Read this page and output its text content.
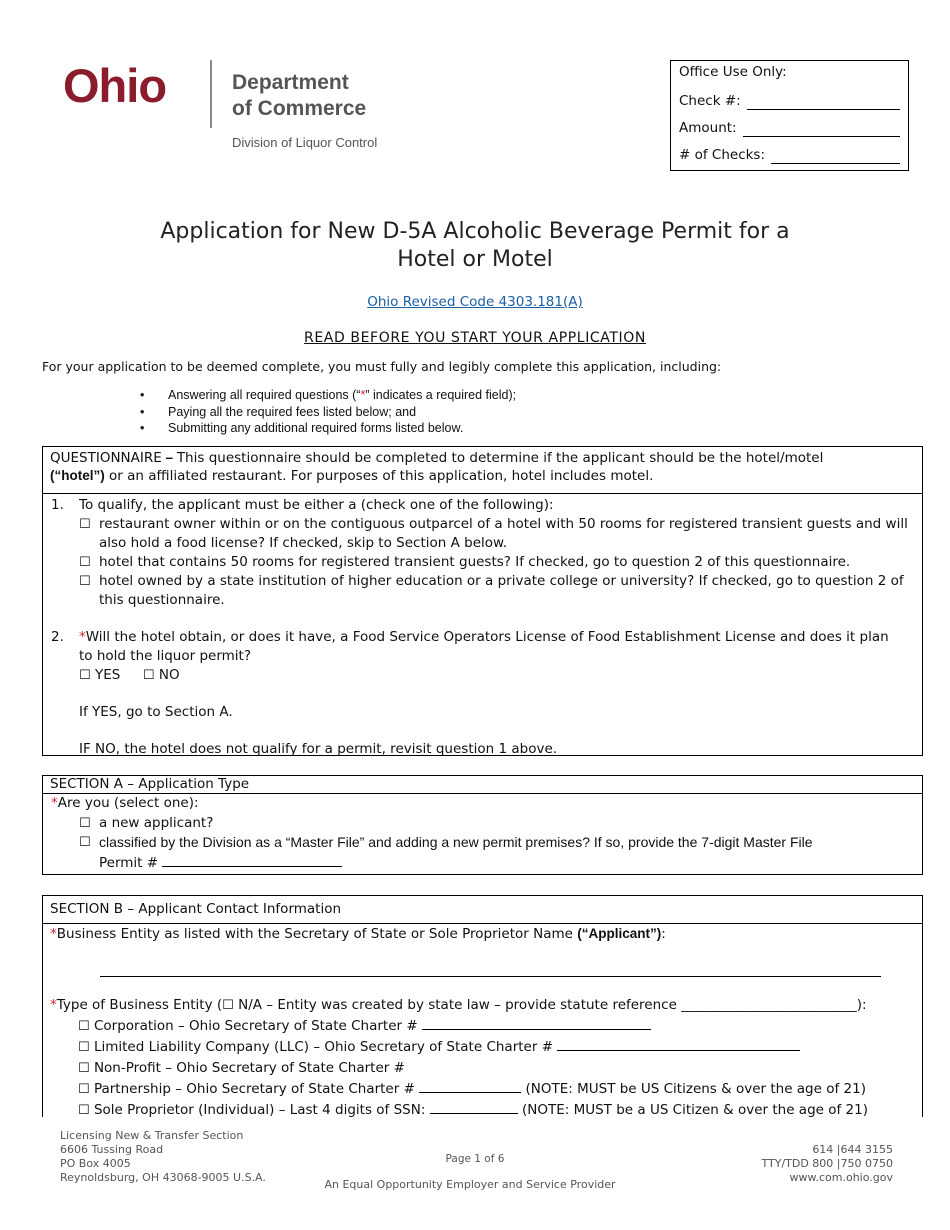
Ohio	Department
of Commerce
Division of Liquor Control
Office Use Only:
Check #:
Amount:
# of Checks:
Application for New D-5A Alcoholic Beverage Permit for a
Hotel or Motel
Ohio Revised Code 4303.181(A)
READ BEFORE YOU START YOUR APPLICATION
For your application to be deemed complete, you must fully and legibly complete this application, including:
• Answering all required questions (“*” indicates a required field);
• Paying all the required fees listed below; and
• Submitting any additional required forms listed below.
QUESTIONNAIRE – This questionnaire should be completed to determine if the applicant should be the hotel/motel
(“hotel”) or an affiliated restaurant. For purposes of this application, hotel includes motel.
1. To qualify, the applicant must be either a (check one of the following):
☐ restaurant owner within or on the contiguous outparcel of a hotel with 50 rooms for registered transient guests and will
also hold a food license? If checked, skip to Section A below.
☐ hotel that contains 50 rooms for registered transient guests? If checked, go to question 2 of this questionnaire.
☐ hotel owned by a state institution of higher education or a private college or university? If checked, go to question 2 of
this questionnaire.
2. *Will the hotel obtain, or does it have, a Food Service Operators License of Food Establishment License and does it plan
to hold the liquor permit?
☐ YES ☐ NO
If YES, go to Section A.
IF NO, the hotel does not qualify for a permit, revisit question 1 above.
SECTION A – Application Type
*Are you (select one):
☐ a new applicant?
☐ classified by the Division as a “Master File” and adding a new permit premises? If so, provide the 7-digit Master File
Permit #
SECTION B – Applicant Contact Information
*Business Entity as listed with the Secretary of State or Sole Proprietor Name (“Applicant”):
*Type of Business Entity (☐ N/A – Entity was created by state law – provide statute reference __________________________):
☐ Corporation – Ohio Secretary of State Charter #
☐ Limited Liability Company (LLC) – Ohio Secretary of State Charter #
☐ Non-Profit – Ohio Secretary of State Charter #
☐ Partnership – Ohio Secretary of State Charter #	(NOTE: MUST be US Citizens & over the age of 21)
☐ Sole Proprietor (Individual) – Last 4 digits of SSN:	(NOTE: MUST be a US Citizen & over the age of 21)
Licensing New & Transfer Section
6606 Tussing Road
PO Box 4005
Reynoldsburg, OH 43068-9005 U.S.A.
Page 1 of 6
614 |644 3155
TTY/TDD 800 |750 0750
www.com.ohio.gov
An Equal Opportunity Employer and Service Provider
